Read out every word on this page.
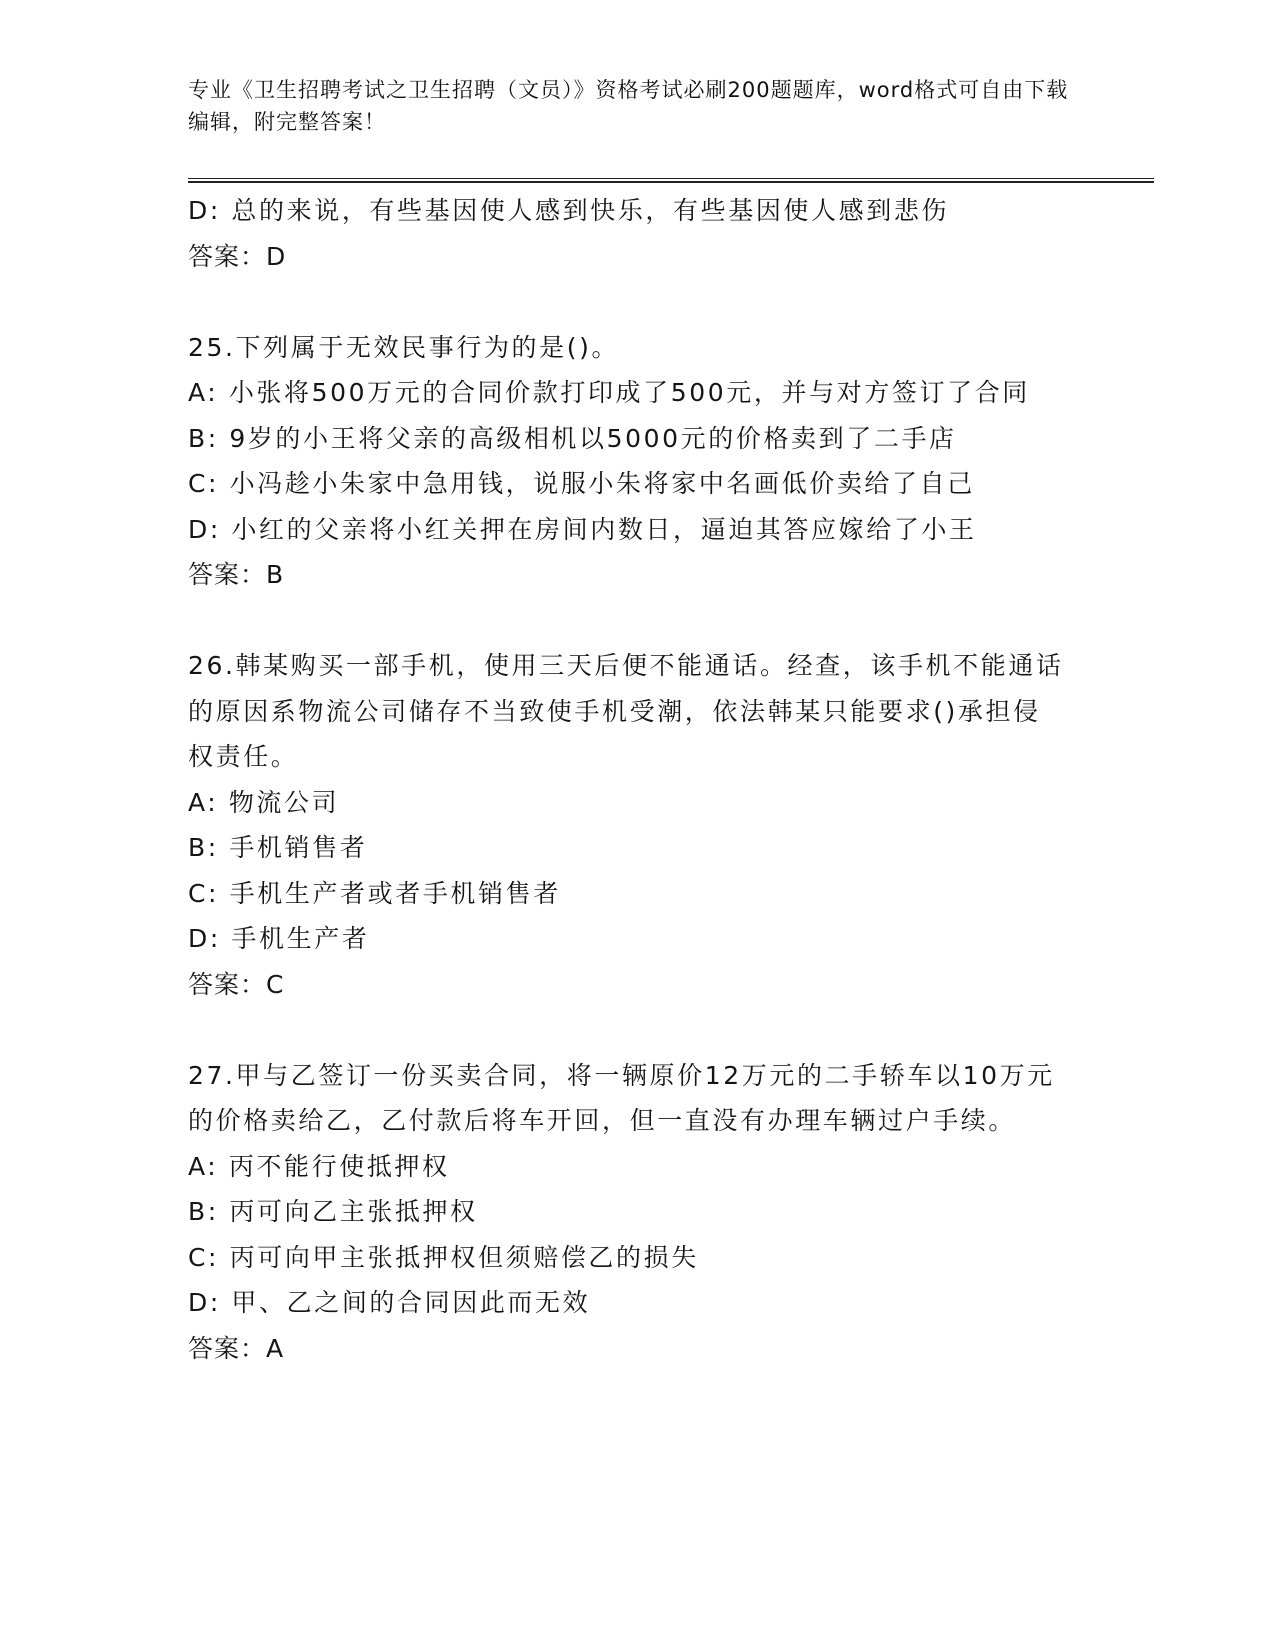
专业《卫生招聘考试之卫生招聘（文员）》资格考试必刷200题题库，word格式可自由下载编辑，附完整答案！
D: 总的来说，有些基因使人感到快乐，有些基因使人感到悲伤
答案：D
25.下列属于无效民事行为的是()。
A: 小张将500万元的合同价款打印成了500元，并与对方签订了合同
B: 9岁的小王将父亲的高级相机以5000元的价格卖到了二手店
C: 小冯趁小朱家中急用钱，说服小朱将家中名画低价卖给了自己
D: 小红的父亲将小红关押在房间内数日，逼迫其答应嫁给了小王
答案：B
26.韩某购买一部手机，使用三天后便不能通话。经查，该手机不能通话的原因系物流公司储存不当致使手机受潮，依法韩某只能要求()承担侵权责任。
A: 物流公司
B: 手机销售者
C: 手机生产者或者手机销售者
D: 手机生产者
答案：C
27.甲与乙签订一份买卖合同，将一辆原价12万元的二手轿车以10万元的价格卖给乙，乙付款后将车开回，但一直没有办理车辆过户手续。
A: 丙不能行使抵押权
B: 丙可向乙主张抵押权
C: 丙可向甲主张抵押权但须赔偿乙的损失
D: 甲、乙之间的合同因此而无效
答案：A
